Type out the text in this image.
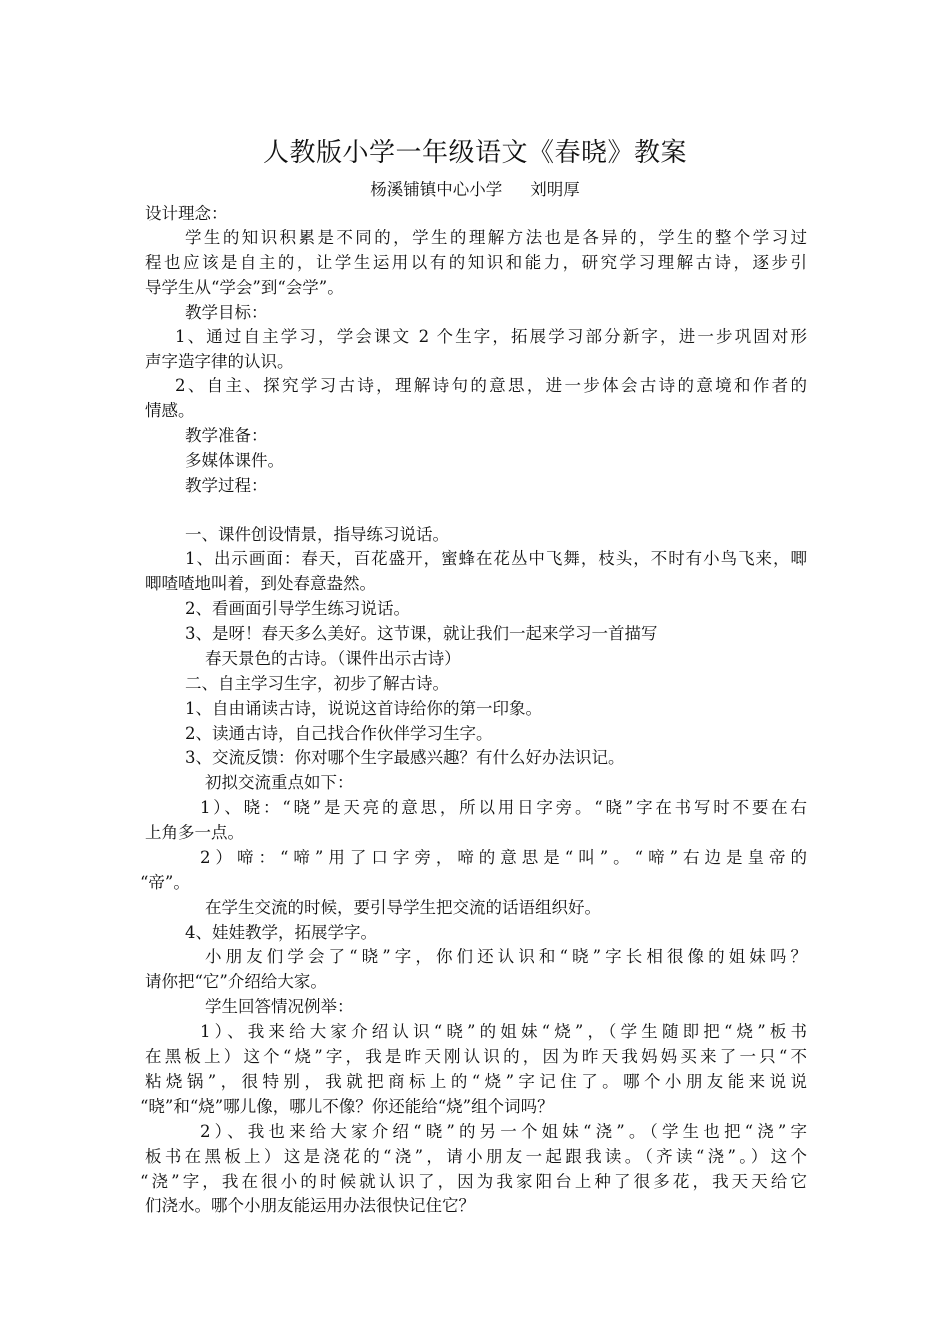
人教版小学一年级语文《春晓》教案
杨溪铺镇中心小学 刘明厚
设计理念：
学生的知识积累是不同的，学生的理解方法也是各异的，学生的整个学习过
程也应该是自主的，让学生运用以有的知识和能力，研究学习理解古诗，逐步引
导学生从“学会”到“会学”。
教学目标：
1、通过自主学习，学会课文 2 个生字，拓展学习部分新字，进一步巩固对形
声字造字律的认识。
2、自主、探究学习古诗，理解诗句的意思，进一步体会古诗的意境和作者的
情感。
教学准备：
多媒体课件。
教学过程：
一、课件创设情景，指导练习说话。
1、出示画面：春天，百花盛开，蜜蜂在花丛中飞舞，枝头，不时有小鸟飞来，唧
唧喳喳地叫着，到处春意盎然。
2、看画面引导学生练习说话。
3、是呀！春天多么美好。这节课，就让我们一起来学习一首描写
春天景色的古诗。（课件出示古诗）
二、自主学习生字，初步了解古诗。
1、自由诵读古诗，说说这首诗给你的第一印象。
2、读通古诗，自己找合作伙伴学习生字。
3、交流反馈：你对哪个生字最感兴趣？有什么好办法识记。
初拟交流重点如下：
1）、晓：“晓”是天亮的意思，所以用日字旁。“晓”字在书写时不要在右
上角多一点。
2）啼：“啼”用了口字旁，啼的意思是“叫”。“啼”右边是皇帝的
“帝”。
在学生交流的时候，要引导学生把交流的话语组织好。
4、娃娃教学，拓展学字。
小朋友们学会了“晓”字，你们还认识和“晓”字长相很像的姐妹吗？
请你把“它”介绍给大家。
学生回答情况例举：
1）、我来给大家介绍认识“晓”的姐妹“烧”，（学生随即把“烧”板书
在黑板上）这个“烧”字，我是昨天刚认识的，因为昨天我妈妈买来了一只“不
粘烧锅”，很特别，我就把商标上的“烧”字记住了。哪个小朋友能来说说
“晓”和“烧”哪儿像，哪儿不像？你还能给“烧”组个词吗？
2）、我也来给大家介绍“晓”的另一个姐妹“浇”。（学生也把“浇”字
板书在黑板上）这是浇花的“浇”，请小朋友一起跟我读。（齐读“浇”。）这个
“浇”字，我在很小的时候就认识了，因为我家阳台上种了很多花，我天天给它
们浇水。哪个小朋友能运用办法很快记住它？
